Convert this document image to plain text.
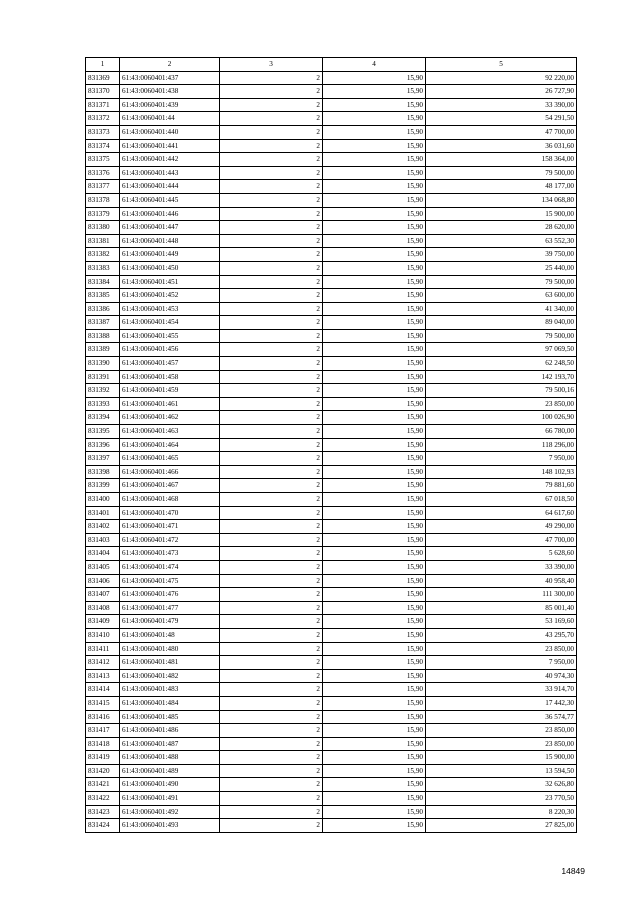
1	2	3	4	5
831369	61:43:0060401:437	2	15,90	92 220,00
831370	61:43:0060401:438	2	15,90	26 727,90
831371	61:43:0060401:439	2	15,90	33 390,00
831372	61:43:0060401:44	2	15,90	54 291,50
831373	61:43:0060401:440	2	15,90	47 700,00
831374	61:43:0060401:441	2	15,90	36 031,60
831375	61:43:0060401:442	2	15,90	158 364,00
831376	61:43:0060401:443	2	15,90	79 500,00
831377	61:43:0060401:444	2	15,90	48 177,00
831378	61:43:0060401:445	2	15,90	134 068,80
831379	61:43:0060401:446	2	15,90	15 900,00
831380	61:43:0060401:447	2	15,90	28 620,00
831381	61:43:0060401:448	2	15,90	63 552,30
831382	61:43:0060401:449	2	15,90	39 750,00
831383	61:43:0060401:450	2	15,90	25 440,00
831384	61:43:0060401:451	2	15,90	79 500,00
831385	61:43:0060401:452	2	15,90	63 600,00
831386	61:43:0060401:453	2	15,90	41 340,00
831387	61:43:0060401:454	2	15,90	89 040,00
831388	61:43:0060401:455	2	15,90	79 500,00
831389	61:43:0060401:456	2	15,90	97 069,50
831390	61:43:0060401:457	2	15,90	62 248,50
831391	61:43:0060401:458	2	15,90	142 193,70
831392	61:43:0060401:459	2	15,90	79 500,16
831393	61:43:0060401:461	2	15,90	23 850,00
831394	61:43:0060401:462	2	15,90	100 026,90
831395	61:43:0060401:463	2	15,90	66 780,00
831396	61:43:0060401:464	2	15,90	118 296,00
831397	61:43:0060401:465	2	15,90	7 950,00
831398	61:43:0060401:466	2	15,90	148 102,93
831399	61:43:0060401:467	2	15,90	79 881,60
831400	61:43:0060401:468	2	15,90	67 018,50
831401	61:43:0060401:470	2	15,90	64 617,60
831402	61:43:0060401:471	2	15,90	49 290,00
831403	61:43:0060401:472	2	15,90	47 700,00
831404	61:43:0060401:473	2	15,90	5 628,60
831405	61:43:0060401:474	2	15,90	33 390,00
831406	61:43:0060401:475	2	15,90	40 958,40
831407	61:43:0060401:476	2	15,90	111 300,00
831408	61:43:0060401:477	2	15,90	85 001,40
831409	61:43:0060401:479	2	15,90	53 169,60
831410	61:43:0060401:48	2	15,90	43 295,70
831411	61:43:0060401:480	2	15,90	23 850,00
831412	61:43:0060401:481	2	15,90	7 950,00
831413	61:43:0060401:482	2	15,90	40 974,30
831414	61:43:0060401:483	2	15,90	33 914,70
831415	61:43:0060401:484	2	15,90	17 442,30
831416	61:43:0060401:485	2	15,90	36 574,77
831417	61:43:0060401:486	2	15,90	23 850,00
831418	61:43:0060401:487	2	15,90	23 850,00
831419	61:43:0060401:488	2	15,90	15 900,00
831420	61:43:0060401:489	2	15,90	13 594,50
831421	61:43:0060401:490	2	15,90	32 626,80
831422	61:43:0060401:491	2	15,90	23 770,50
831423	61:43:0060401:492	2	15,90	8 220,30
831424	61:43:0060401:493	2	15,90	27 825,00
14849
